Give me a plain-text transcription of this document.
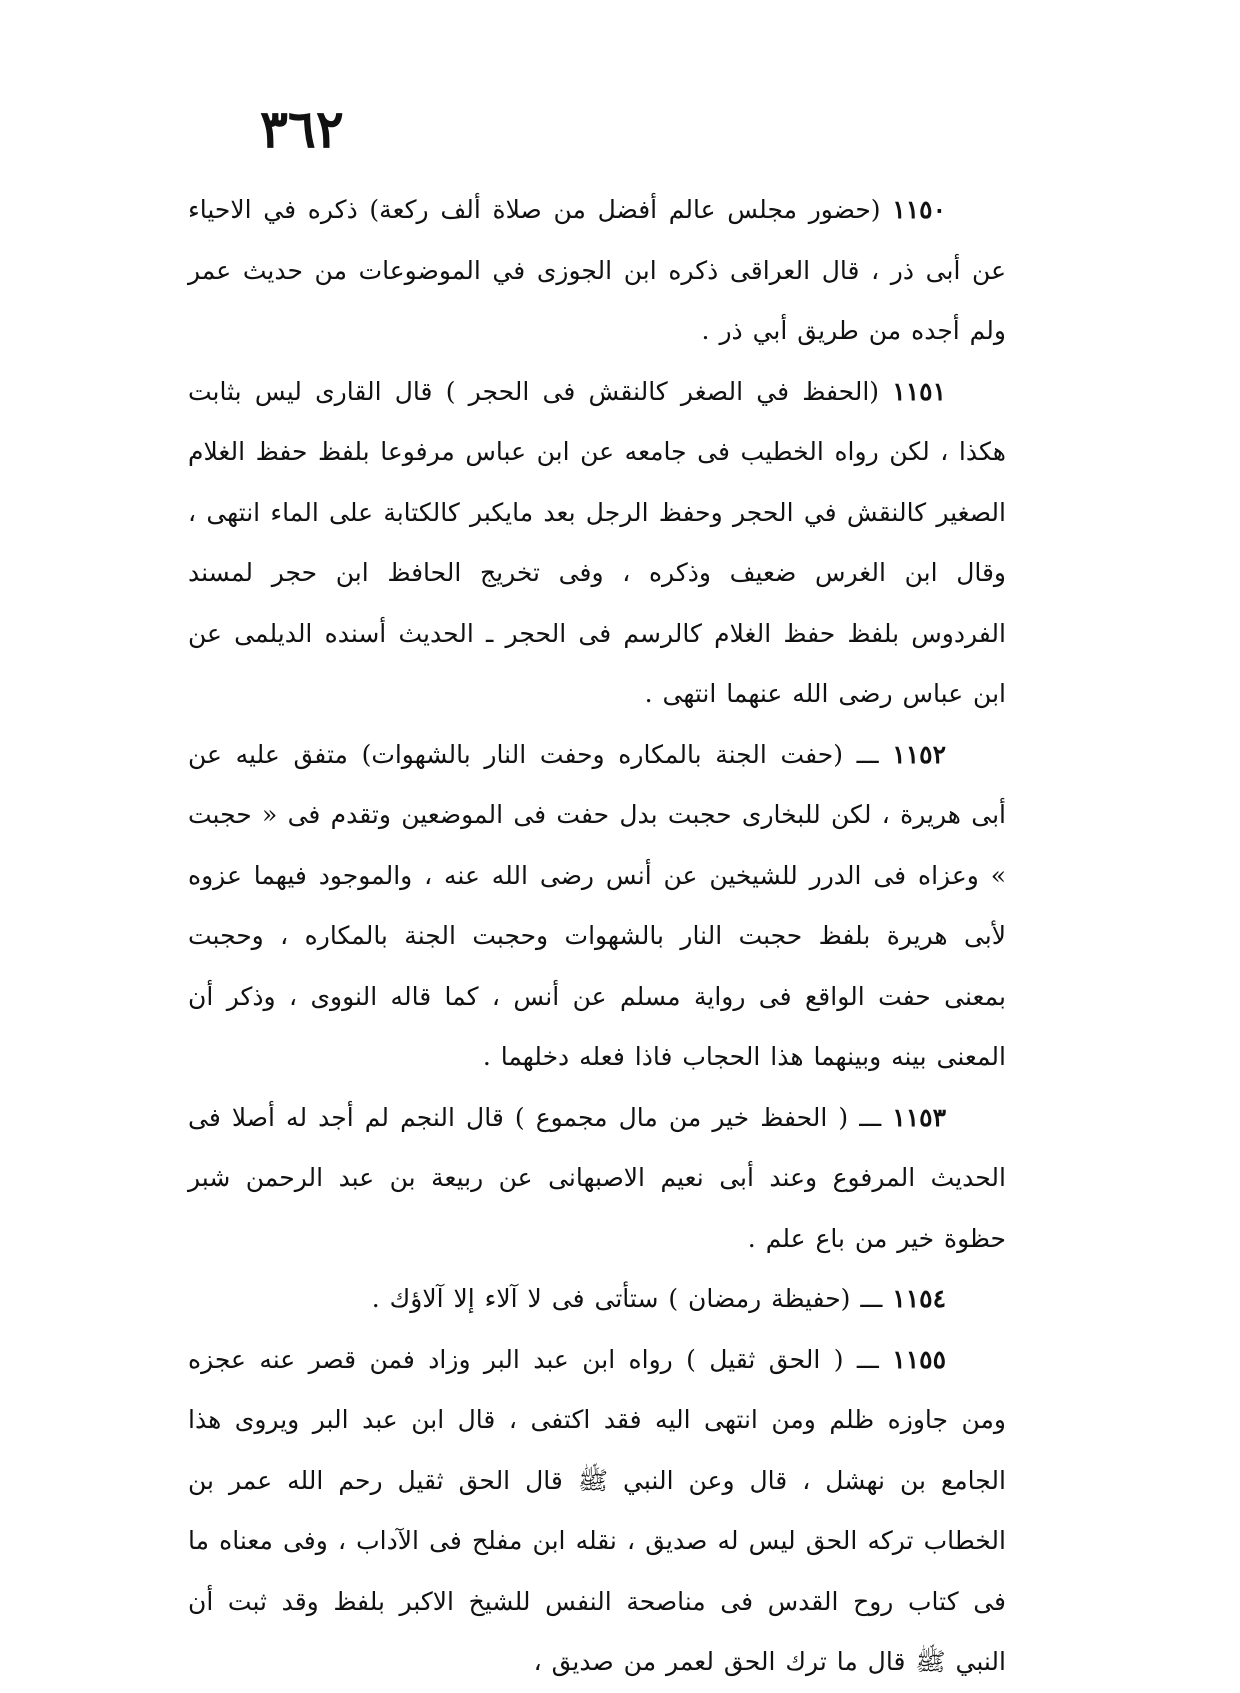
٣٦٢

١١٥٠ (حضور مجلس عالم أفضل من صلاة ألف ركعة) ذكره في الاحياء عن أبى ذر ، قال العراقى ذكره ابن الجوزى في الموضوعات من حديث عمر ولم أجده من طريق أبي ذر .

١١٥١ (الحفظ في الصغر كالنقش فى الحجر ) قال القارى ليس بثابت هكذا ، لكن رواه الخطيب فى جامعه عن ابن عباس مرفوعا بلفظ حفظ الغلام الصغير كالنقش في الحجر وحفظ الرجل بعد مايكبر كالكتابة على الماء انتهى ، وقال ابن الغرس ضعيف وذكره ، وفى تخريج الحافظ ابن حجر لمسند الفردوس بلفظ حفظ الغلام كالرسم فى الحجر ـ الحديث أسنده الديلمى عن ابن عباس رضى الله عنهما انتهى .

١١٥٢ ـــ (حفت الجنة بالمكاره وحفت النار بالشهوات) متفق عليه عن أبى هريرة ، لكن للبخارى حجبت بدل حفت فى الموضعين وتقدم فى « حجبت » وعزاه فى الدرر للشيخين عن أنس رضى الله عنه ، والموجود فيهما عزوه لأبى هريرة بلفظ حجبت النار بالشهوات وحجبت الجنة بالمكاره ، وحجبت بمعنى حفت الواقع فى رواية مسلم عن أنس ، كما قاله النووى ، وذكر أن المعنى بينه وبينهما هذا الحجاب فاذا فعله دخلهما .

١١٥٣ ـــ ( الحفظ خير من مال مجموع ) قال النجم لم أجد له أصلا فى الحديث المرفوع وعند أبى نعيم الاصبهانى عن ربيعة بن عبد الرحمن شبر حظوة خير من باع علم .

١١٥٤ ـــ (حفيظة رمضان ) ستأتى فى لا آلاء إلا آلاؤك .

١١٥٥ ـــ ( الحق ثقيل ) رواه ابن عبد البر وزاد فمن قصر عنه عجزه ومن جاوزه ظلم ومن انتهى اليه فقد اكتفى ، قال ابن عبد البر ويروى هذا الجامع بن نهشل ، قال وعن النبي ﷺ قال الحق ثقيل رحم الله عمر بن الخطاب تركه الحق ليس له صديق ، نقله ابن مفلح فى الآداب ، وفى معناه ما فى كتاب روح القدس فى مناصحة النفس للشيخ الاكبر بلفظ وقد ثبت أن النبي ﷺ قال ما ترك الحق لعمر من صديق ،
